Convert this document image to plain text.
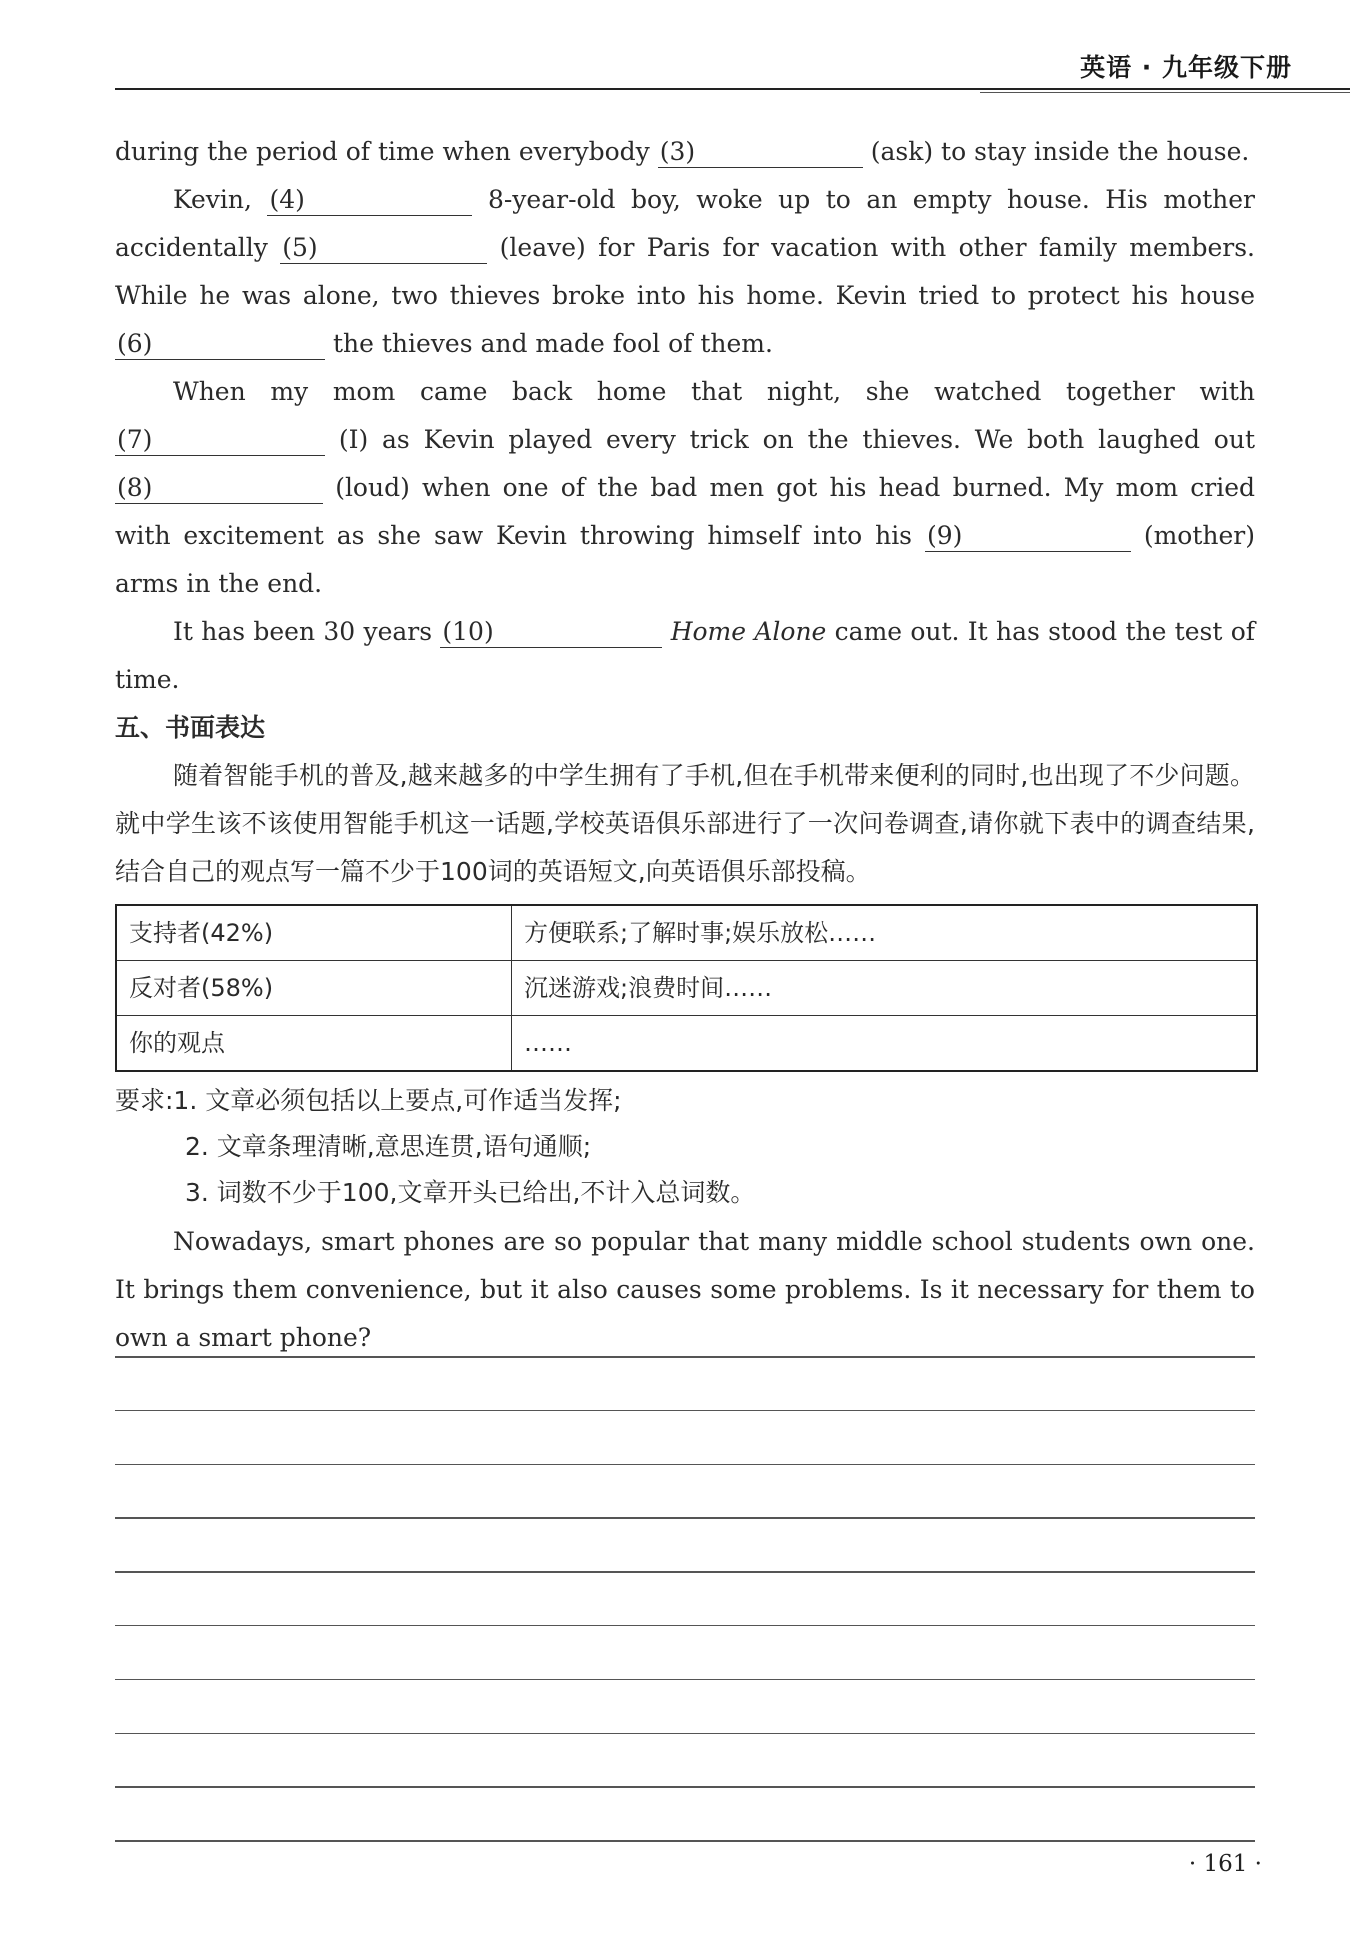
英语 · 九年级下册

during the period of time when everybody (3)	(ask) to stay inside the house.

Kevin, (4)	8-year-old boy, woke up to an empty house. His mother accidentally (5)	(leave) for Paris for vacation with other family members. While he was alone, two thieves broke into his home. Kevin tried to protect his house (6)	the thieves and made fool of them.

When my mom came back home that night, she watched together with (7)	(I) as Kevin played every trick on the thieves. We both laughed out (8)	(loud) when one of the bad men got his head burned. My mom cried with excitement as she saw Kevin throwing himself into his (9)	(mother) arms in the end.

It has been 30 years (10)	Home Alone came out. It has stood the test of time.

五、书面表达

随着智能手机的普及,越来越多的中学生拥有了手机,但在手机带来便利的同时,也出现了不少问题。就中学生该不该使用智能手机这一话题,学校英语俱乐部进行了一次问卷调查,请你就下表中的调查结果,结合自己的观点写一篇不少于100词的英语短文,向英语俱乐部投稿。

支持者(42%)	方便联系;了解时事;娱乐放松……
反对者(58%)	沉迷游戏;浪费时间……
你的观点	……

要求:1. 文章必须包括以上要点,可作适当发挥;

2. 文章条理清晰,意思连贯,语句通顺;

3. 词数不少于100,文章开头已给出,不计入总词数。

Nowadays, smart phones are so popular that many middle school students own one. It brings them convenience, but it also causes some problems. Is it necessary for them to own a smart phone?

· 161 ·
